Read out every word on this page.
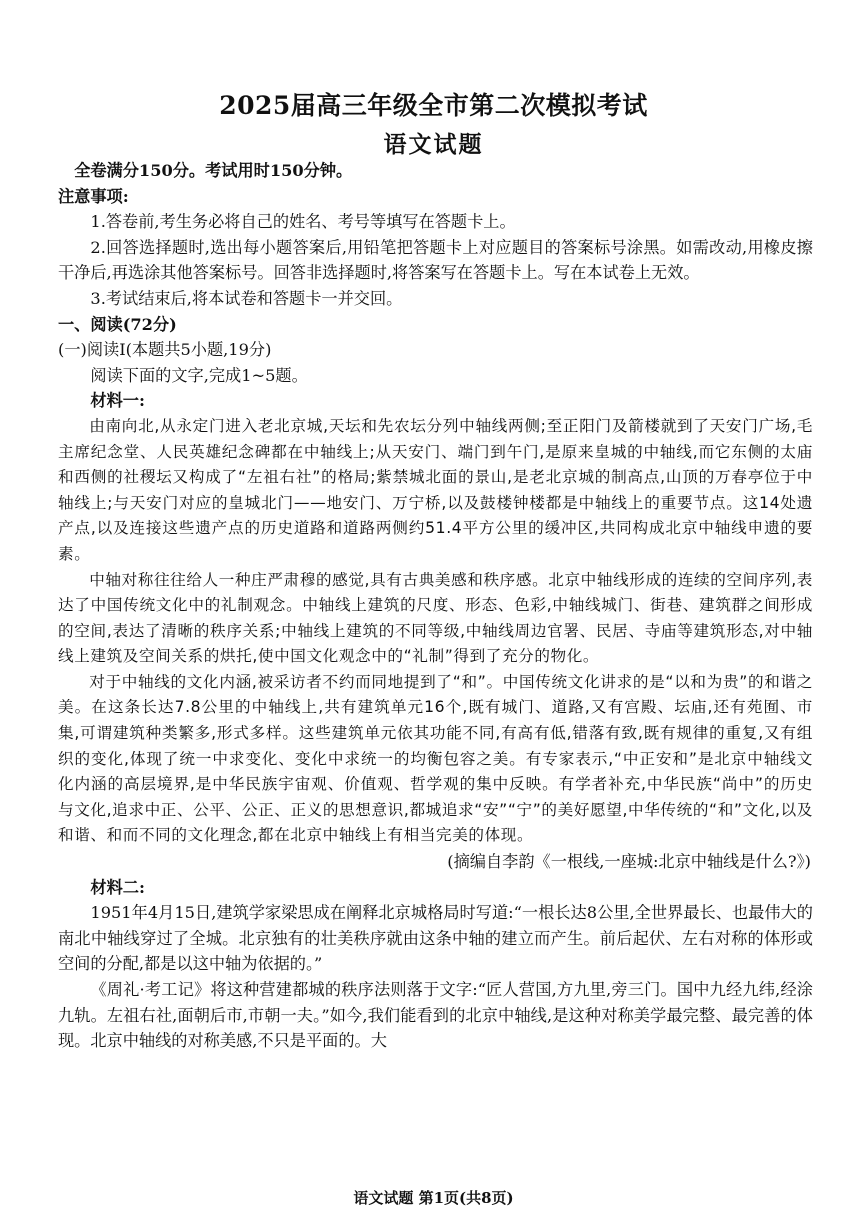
2025届高三年级全市第二次模拟考试
语文试题

全卷满分150分。考试用时150分钟。

注意事项:

1.答卷前,考生务必将自己的姓名、考号等填写在答题卡上。

2.回答选择题时,选出每小题答案后,用铅笔把答题卡上对应题目的答案标号涂黑。如需改动,用橡皮擦干净后,再选涂其他答案标号。回答非选择题时,将答案写在答题卡上。写在本试卷上无效。

3.考试结束后,将本试卷和答题卡一并交回。

一、阅读(72分)

(一)阅读Ⅰ(本题共5小题,19分)

阅读下面的文字,完成1~5题。

材料一:

由南向北,从永定门进入老北京城,天坛和先农坛分列中轴线两侧;至正阳门及箭楼就到了天安门广场,毛主席纪念堂、人民英雄纪念碑都在中轴线上;从天安门、端门到午门,是原来皇城的中轴线,而它东侧的太庙和西侧的社稷坛又构成了“左祖右社”的格局;紫禁城北面的景山,是老北京城的制高点,山顶的万春亭位于中轴线上;与天安门对应的皇城北门——地安门、万宁桥,以及鼓楼钟楼都是中轴线上的重要节点。这14处遗产点,以及连接这些遗产点的历史道路和道路两侧约51.4平方公里的缓冲区,共同构成北京中轴线申遗的要素。

中轴对称往往给人一种庄严肃穆的感觉,具有古典美感和秩序感。北京中轴线形成的连续的空间序列,表达了中国传统文化中的礼制观念。中轴线上建筑的尺度、形态、色彩,中轴线城门、街巷、建筑群之间形成的空间,表达了清晰的秩序关系;中轴线上建筑的不同等级,中轴线周边官署、民居、寺庙等建筑形态,对中轴线上建筑及空间关系的烘托,使中国文化观念中的“礼制”得到了充分的物化。

对于中轴线的文化内涵,被采访者不约而同地提到了“和”。中国传统文化讲求的是“以和为贵”的和谐之美。在这条长达7.8公里的中轴线上,共有建筑单元16个,既有城门、道路,又有宫殿、坛庙,还有苑囿、市集,可谓建筑种类繁多,形式多样。这些建筑单元依其功能不同,有高有低,错落有致,既有规律的重复,又有组织的变化,体现了统一中求变化、变化中求统一的均衡包容之美。有专家表示,“中正安和”是北京中轴线文化内涵的高层境界,是中华民族宇宙观、价值观、哲学观的集中反映。有学者补充,中华民族“尚中”的历史与文化,追求中正、公平、公正、正义的思想意识,都城追求“安”“宁”的美好愿望,中华传统的“和”文化,以及和谐、和而不同的文化理念,都在北京中轴线上有相当完美的体现。

(摘编自李韵《一根线,一座城:北京中轴线是什么?》)

材料二:

1951年4月15日,建筑学家梁思成在阐释北京城格局时写道:“一根长达8公里,全世界最长、也最伟大的南北中轴线穿过了全城。北京独有的壮美秩序就由这条中轴的建立而产生。前后起伏、左右对称的体形或空间的分配,都是以这中轴为依据的。”

《周礼·考工记》将这种营建都城的秩序法则落于文字:“匠人营国,方九里,旁三门。国中九经九纬,经涂九轨。左祖右社,面朝后市,市朝一夫。”如今,我们能看到的北京中轴线,是这种对称美学最完整、最完善的体现。北京中轴线的对称美感,不只是平面的。大

语文试题 第1页(共8页)
